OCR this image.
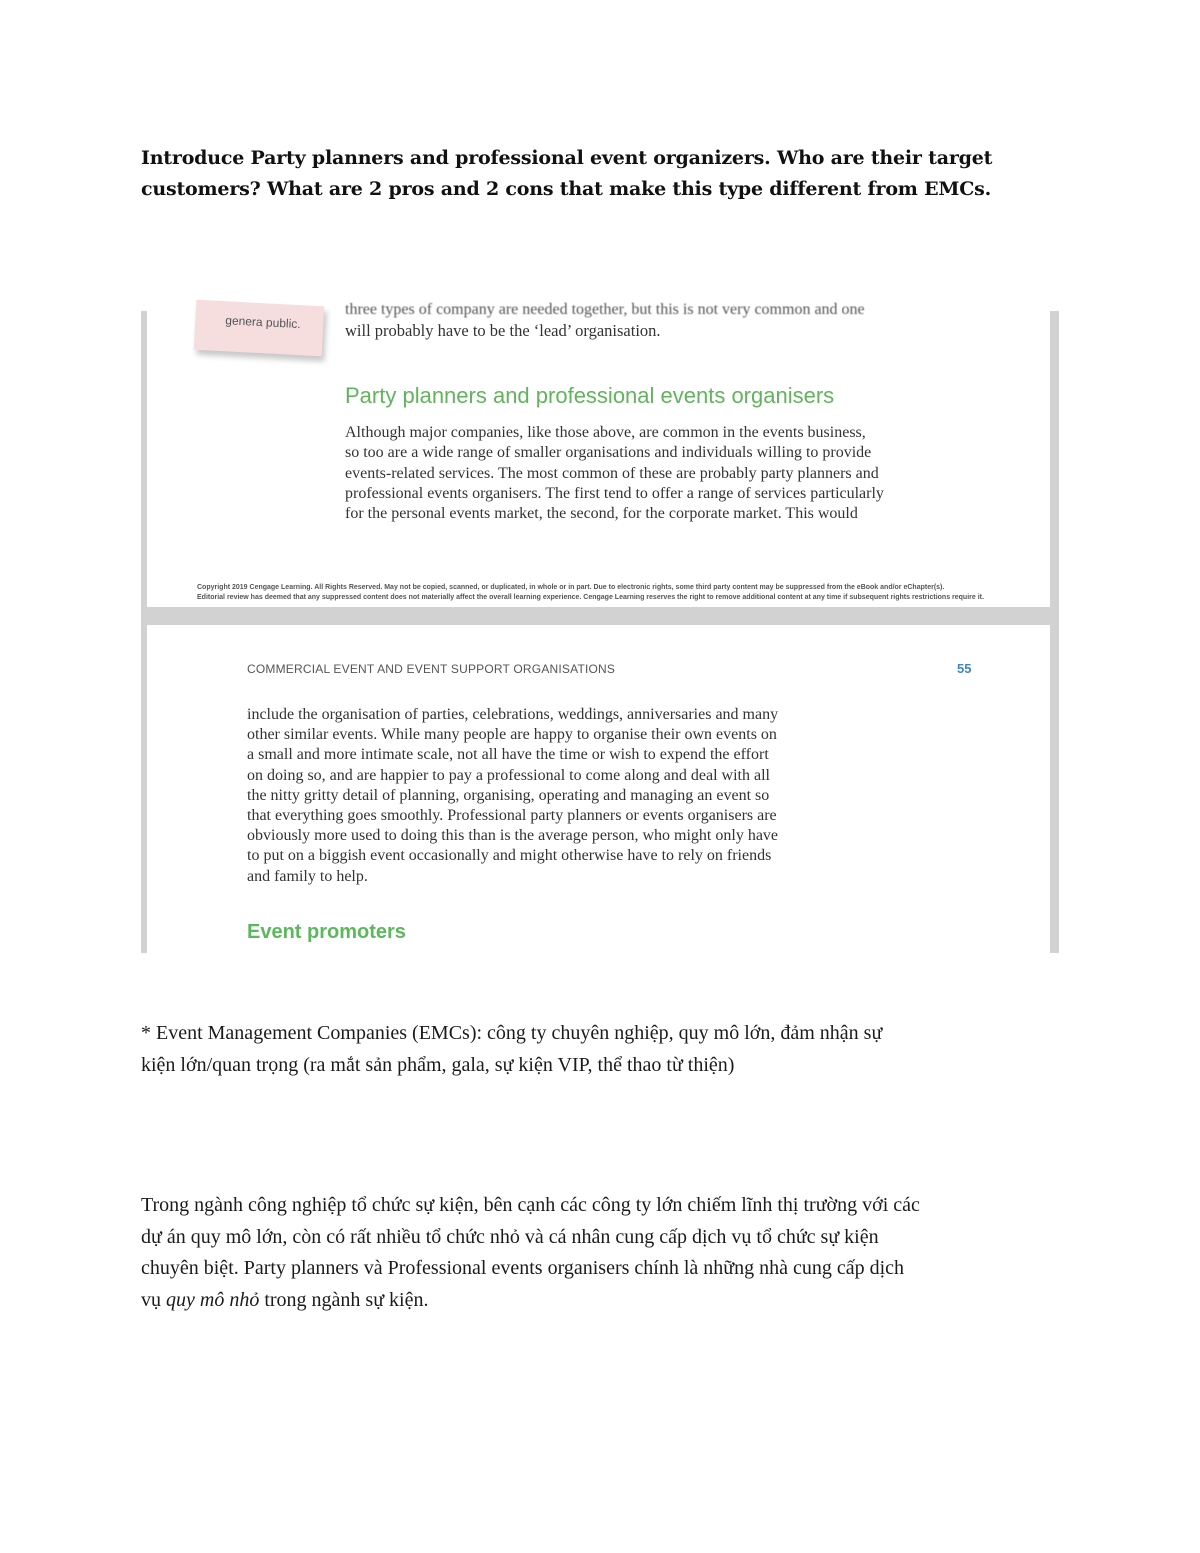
Introduce Party planners and professional event organizers. Who are their target

customers? What are 2 pros and 2 cons that make this type different from EMCs.

three types of company are needed together, but this is not very common and one
genera public.	will probably have to be the ‘lead’ organisation.
Party planners and professional events organisers
Although major companies, like those above, are common in the events business,
so too are a wide range of smaller organisations and individuals willing to provide
events-related services. The most common of these are probably party planners and
professional events organisers. The first tend to offer a range of services particularly
for the personal events market, the second, for the corporate market. This would
Copyright 2019 Cengage Learning. All Rights Reserved. May not be copied, scanned, or duplicated, in whole or in part. Due to electronic rights, some third party content may be suppressed from the eBook and/or eChapter(s).
Editorial review has deemed that any suppressed content does not materially affect the overall learning experience. Cengage Learning reserves the right to remove additional content at any time if subsequent rights restrictions require it.
COMMERCIAL EVENT AND EVENT SUPPORT ORGANISATIONS	55
include the organisation of parties, celebrations, weddings, anniversaries and many
other similar events. While many people are happy to organise their own events on
a small and more intimate scale, not all have the time or wish to expend the effort
on doing so, and are happier to pay a professional to come along and deal with all
the nitty gritty detail of planning, organising, operating and managing an event so
that everything goes smoothly. Professional party planners or events organisers are
obviously more used to doing this than is the average person, who might only have
to put on a biggish event occasionally and might otherwise have to rely on friends
and family to help.
Event promoters

* Event Management Companies (EMCs): công ty chuyên nghiệp, quy mô lớn, đảm nhận sự

kiện lớn/quan trọng (ra mắt sản phẩm, gala, sự kiện VIP, thể thao từ thiện)

Trong ngành công nghiệp tổ chức sự kiện, bên cạnh các công ty lớn chiếm lĩnh thị trường với các

dự án quy mô lớn, còn có rất nhiều tổ chức nhỏ và cá nhân cung cấp dịch vụ tổ chức sự kiện

chuyên biệt. Party planners và Professional events organisers chính là những nhà cung cấp dịch

vụ quy mô nhỏ trong ngành sự kiện.
